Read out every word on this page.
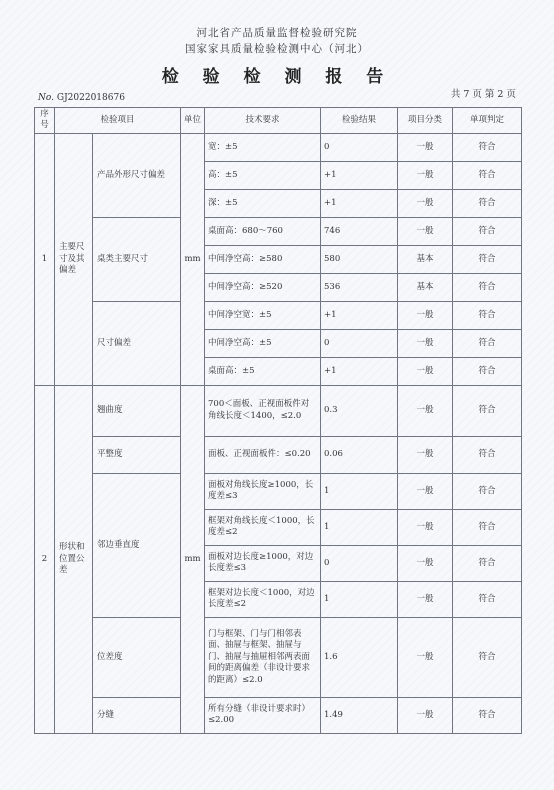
河北省产品质量监督检验研究院
国家家具质量检验检测中心（河北）
检 验 检 测 报 告
No. GJ2022018676	共 7 页 第 2 页
序号	检验项目		单位	技术要求	检验结果	项目分类	单项判定
1	主要尺寸及其偏差	产品外形尺寸偏差	mm	宽：±5	0	一般	符合
				高：±5	+1	一般	符合
				深：±5	+1	一般	符合
		桌类主要尺寸		桌面高：680～760	746	一般	符合
				中间净空高：≥580	580	基本	符合
				中间净空高：≥520	536	基本	符合
		尺寸偏差		中间净空宽：±5	+1	一般	符合
				中间净空高：±5	0	一般	符合
				桌面高：±5	+1	一般	符合
2	形状和位置公差	翘曲度	mm	700＜面板、正视面板件对角线长度＜1400，≤2.0	0.3	一般	符合
		平整度		面板、正视面板件：≤0.20	0.06	一般	符合
		邻边垂直度		面板对角线长度≥1000，长度差≤3	1	一般	符合
				框架对角线长度＜1000，长度差≤2	1	一般	符合
				面板对边长度≥1000，对边长度差≤3	0	一般	符合
				框架对边长度＜1000，对边长度差≤2	1	一般	符合
		位差度		门与框架、门与门相邻表面、抽屉与框架、抽屉与门、抽屉与抽屉相邻两表面间的距离偏差（非设计要求的距离）≤2.0	1.6	一般	符合
		分缝		所有分缝（非设计要求时）≤2.00	1.49	一般	符合
